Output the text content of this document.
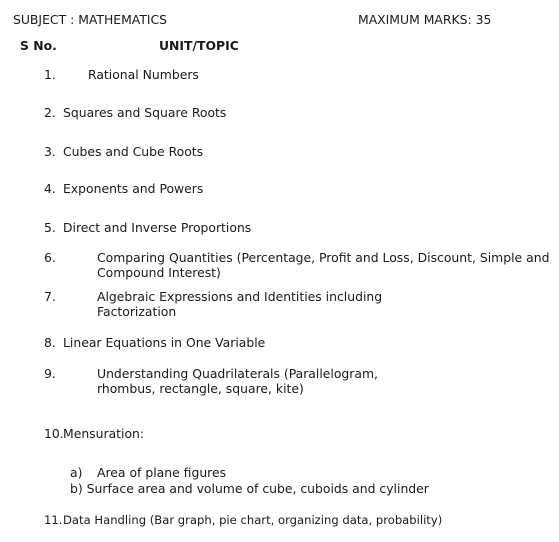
SUBJECT : MATHEMATICS	MAXIMUM MARKS: 35
S No.	UNIT/TOPIC
1.	Rational Numbers
2. Squares and Square Roots
3. Cubes and Cube Roots
4. Exponents and Powers
5. Direct and Inverse Proportions
6.	Comparing Quantities (Percentage, Profit and Loss, Discount, Simple and
Compound Interest)
7.	Algebraic Expressions and Identities including
Factorization
8. Linear Equations in One Variable
9.	Understanding Quadrilaterals (Parallelogram,
rhombus, rectangle, square, kite)
10. Mensuration:
a) Area of plane figures
b) Surface area and volume of cube, cuboids and cylinder
11. Data Handling (Bar graph, pie chart, organizing data, probability)
